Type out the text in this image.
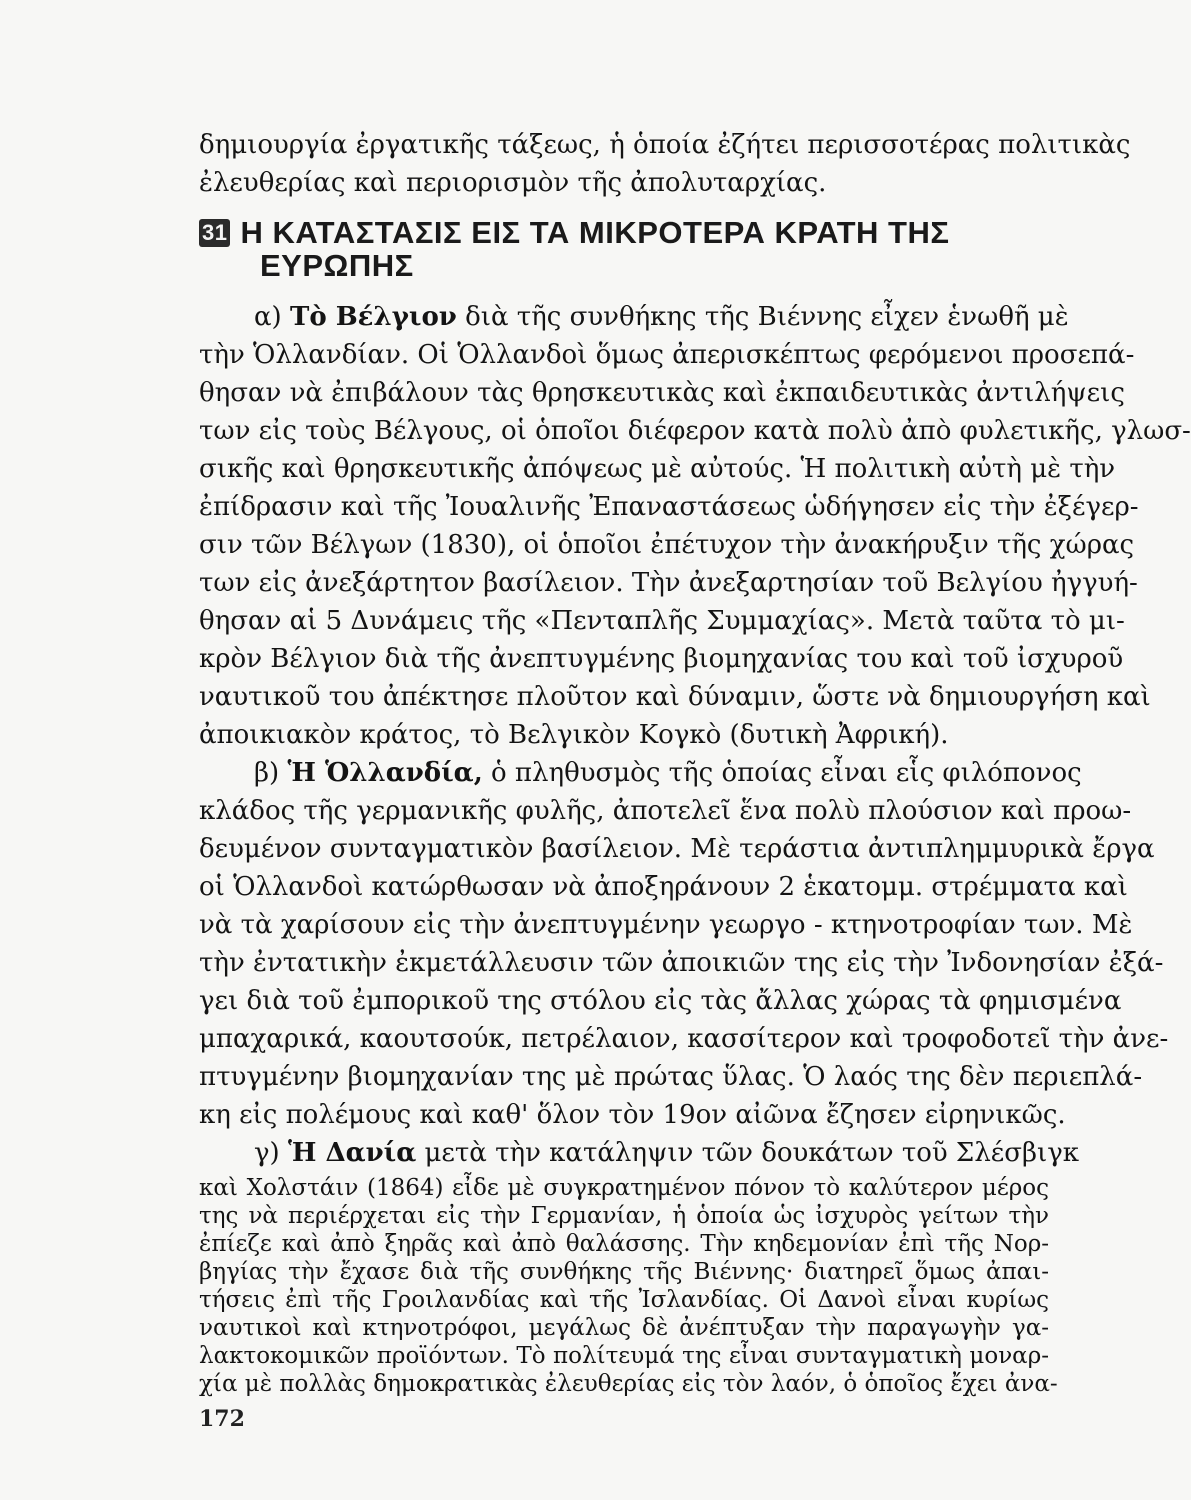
δημιουργία ἐργατικῆς τάξεως, ἡ ὁποία ἐζήτει περισσοτέρας πολιτικὰς
ἐλευθερίας καὶ περιορισμὸν τῆς ἀπολυταρχίας.
31 Η ΚΑΤΑΣΤΑΣΙΣ ΕΙΣ ΤΑ ΜΙΚΡΟΤΕΡΑ ΚΡΑΤΗ ΤΗΣ
ΕΥΡΩΠΗΣ
α) Τὸ Βέλγιον διὰ τῆς συνθήκης τῆς Βιέννης εἶχεν ἑνωθῆ μὲ
τὴν Ὁλλανδίαν. Οἱ Ὁλλανδοὶ ὅμως ἀπερισκέπτως φερόμενοι προσεπά-
θησαν νὰ ἐπιβάλουν τὰς θρησκευτικὰς καὶ ἐκπαιδευτικὰς ἀντιλήψεις
των εἰς τοὺς Βέλγους, οἱ ὁποῖοι διέφερον κατὰ πολὺ ἀπὸ φυλετικῆς, γλωσ-
σικῆς καὶ θρησκευτικῆς ἀπόψεως μὲ αὐτούς. Ἡ πολιτικὴ αὐτὴ μὲ τὴν
ἐπίδρασιν καὶ τῆς Ἰουαλινῆς Ἐπαναστάσεως ὡδήγησεν εἰς τὴν ἐξέγερ-
σιν τῶν Βέλγων (1830), οἱ ὁποῖοι ἐπέτυχον τὴν ἀνακήρυξιν τῆς χώρας
των εἰς ἀνεξάρτητον βασίλειον. Τὴν ἀνεξαρτησίαν τοῦ Βελγίου ἠγγυή-
θησαν αἱ 5 Δυνάμεις τῆς «Πενταπλῆς Συμμαχίας». Μετὰ ταῦτα τὸ μι-
κρὸν Βέλγιον διὰ τῆς ἀνεπτυγμένης βιομηχανίας του καὶ τοῦ ἰσχυροῦ
ναυτικοῦ του ἀπέκτησε πλοῦτον καὶ δύναμιν, ὥστε νὰ δημιουργήση καὶ
ἀποικιακὸν κράτος, τὸ Βελγικὸν Κογκὸ (δυτικὴ Ἀφρική).
β) Ἡ Ὁλλανδία, ὁ πληθυσμὸς τῆς ὁποίας εἶναι εἷς φιλόπονος
κλάδος τῆς γερμανικῆς φυλῆς, ἀποτελεῖ ἕνα πολὺ πλούσιον καὶ προω-
δευμένον συνταγματικὸν βασίλειον. Μὲ τεράστια ἀντιπλημμυρικὰ ἔργα
οἱ Ὁλλανδοὶ κατώρθωσαν νὰ ἀποξηράνουν 2 ἑκατομμ. στρέμματα καὶ
νὰ τὰ χαρίσουν εἰς τὴν ἀνεπτυγμένην γεωργο - κτηνοτροφίαν των. Μὲ
τὴν ἐντατικὴν ἐκμετάλλευσιν τῶν ἀποικιῶν της εἰς τὴν Ἰνδονησίαν ἐξά-
γει διὰ τοῦ ἐμπορικοῦ της στόλου εἰς τὰς ἄλλας χώρας τὰ φημισμένα
μπαχαρικά, καουτσούκ, πετρέλαιον, κασσίτερον καὶ τροφοδοτεῖ τὴν ἀνε-
πτυγμένην βιομηχανίαν της μὲ πρώτας ὕλας. Ὁ λαός της δὲν περιεπλά-
κη εἰς πολέμους καὶ καθ' ὅλον τὸν 19ον αἰῶνα ἔζησεν εἰρηνικῶς.
γ) Ἡ Δανία μετὰ τὴν κατάληψιν τῶν δουκάτων τοῦ Σλέσβιγκ
172
καὶ Χολστάιν (1864) εἶδε μὲ συγκρατημένον πόνον τὸ καλύτερον μέρος
της νὰ περιέρχεται εἰς τὴν Γερμανίαν, ἡ ὁποία ὡς ἰσχυρὸς γείτων τὴν
ἐπίεζε καὶ ἀπὸ ξηρᾶς καὶ ἀπὸ θαλάσσης. Τὴν κηδεμονίαν ἐπὶ τῆς Νορ-
βηγίας τὴν ἔχασε διὰ τῆς συνθήκης τῆς Βιέννης· διατηρεῖ ὅμως ἀπαι-
τήσεις ἐπὶ τῆς Γροιλανδίας καὶ τῆς Ἰσλανδίας. Οἱ Δανοὶ εἶναι κυρίως
ναυτικοὶ καὶ κτηνοτρόφοι, μεγάλως δὲ ἀνέπτυξαν τὴν παραγωγὴν γα-
λακτοκομικῶν προϊόντων. Τὸ πολίτευμά της εἶναι συνταγματικὴ μοναρ-
χία μὲ πολλὰς δημοκρατικὰς ἐλευθερίας εἰς τὸν λαόν, ὁ ὁποῖος ἔχει ἀνα-
